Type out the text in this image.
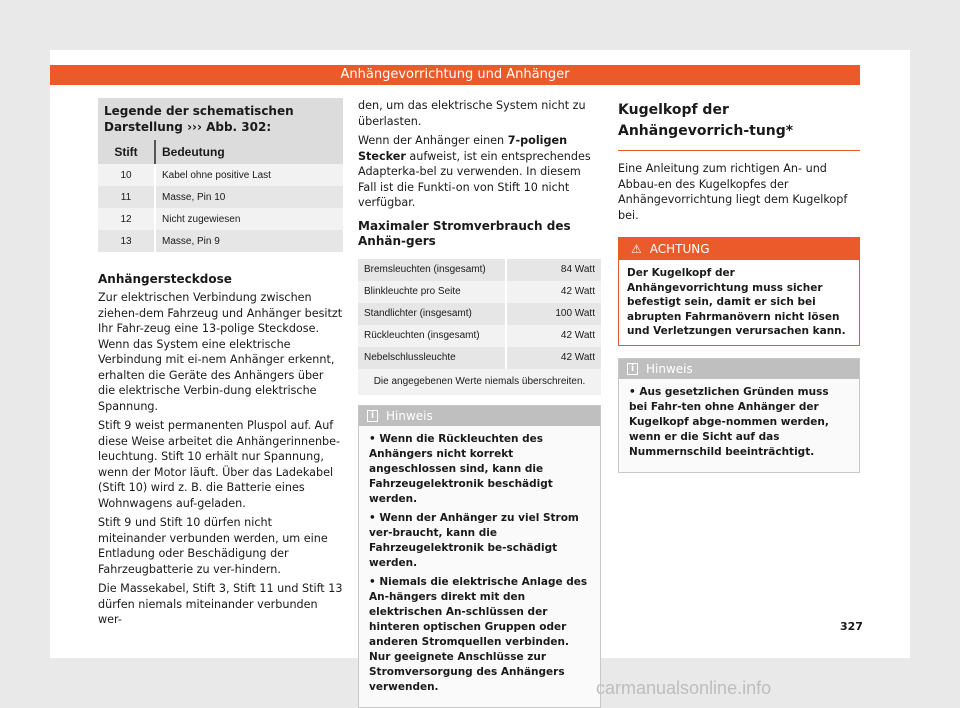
Anhängevorrichtung und Anhänger
Legende der schematischen Darstellung ››› Abb. 302:
Stift	Bedeutung
10	Kabel ohne positive Last
11	Masse, Pin 10
12	Nicht zugewiesen
13	Masse, Pin 9
Anhängersteckdose

Zur elektrischen Verbindung zwischen ziehen-dem Fahrzeug und Anhänger besitzt Ihr Fahr-zeug eine 13-polige Steckdose. Wenn das System eine elektrische Verbindung mit ei-nem Anhänger erkennt, erhalten die Geräte des Anhängers über die elektrische Verbin-dung elektrische Spannung.

Stift 9 weist permanenten Pluspol auf. Auf diese Weise arbeitet die Anhängerinnenbe-leuchtung. Stift 10 erhält nur Spannung, wenn der Motor läuft. Über das Ladekabel (Stift 10) wird z. B. die Batterie eines Wohnwagens auf-geladen.

Stift 9 und Stift 10 dürfen nicht miteinander verbunden werden, um eine Entladung oder Beschädigung der Fahrzeugbatterie zu ver-hindern.

Die Massekabel, Stift 3, Stift 11 und Stift 13 dürfen niemals miteinander verbunden wer-

den, um das elektrische System nicht zu überlasten.

Wenn der Anhänger einen 7-poligen Stecker aufweist, ist ein entsprechendes Adapterka-bel zu verwenden. In diesem Fall ist die Funkti-on von Stift 10 nicht verfügbar.

Maximaler Stromverbrauch des Anhän-gers
Bremsleuchten (insgesamt)	84 Watt
Blinkleuchte pro Seite	42 Watt
Standlichter (insgesamt)	100 Watt
Rückleuchten (insgesamt)	42 Watt
Nebelschlussleuchte	42 Watt
Die angegebenen Werte niemals überschreiten.	
i Hinweis
• Wenn die Rückleuchten des Anhängers nicht korrekt angeschlossen sind, kann die Fahrzeugelektronik beschädigt werden.
• Wenn der Anhänger zu viel Strom ver-braucht, kann die Fahrzeugelektronik be-schädigt werden.
• Niemals die elektrische Anlage des An-hängers direkt mit den elektrischen An-schlüssen der hinteren optischen Gruppen oder anderen Stromquellen verbinden. Nur geeignete Anschlüsse zur Stromversorgung des Anhängers verwenden.
Kugelkopf der Anhängevorrich-tung*

Eine Anleitung zum richtigen An- und Abbau-en des Kugelkopfes der Anhängevorrichtung liegt dem Kugelkopf bei.

⚠ ACHTUNG
Der Kugelkopf der Anhängevorrichtung muss sicher befestigt sein, damit er sich bei abrupten Fahrmanövern nicht lösen und Verletzungen verursachen kann.
i Hinweis
• Aus gesetzlichen Gründen muss bei Fahr-ten ohne Anhänger der Kugelkopf abge-nommen werden, wenn er die Sicht auf das Nummernschild beeinträchtigt.
327
carmanualsonline.info
